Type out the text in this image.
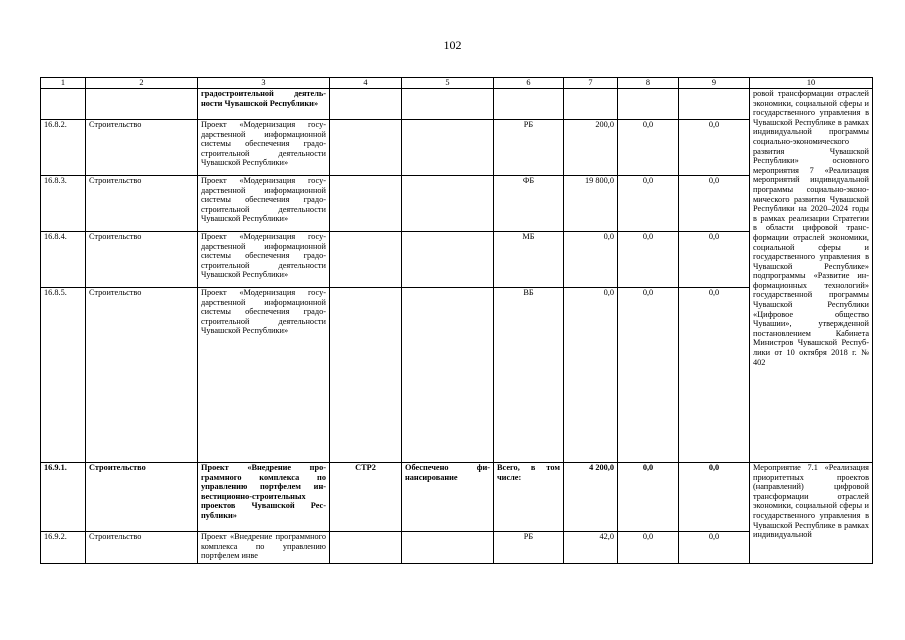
102
1	2	3	4	5	6	7	8	9	10
		градостроительной деятельности Чувашской Республики»							ровой трансформации отраслей экономики, социальной сферы и государственного управления в Чувашской Республике в рамках индивидуальной программы социально-экономического развития Чувашской Республики» основного мероприятия 7 «Реализация мероприятий индивидуальной программы социально-экономического развития Чувашской Республики на 2020–2024 годы в рамках реализации Стратегии в области цифровой трансформации отраслей экономики, социальной сферы и государственного управления в Чувашской Республике» подпрограммы «Развитие информационных технологий» государственной программы Чувашской Республики «Цифровое общество Чувашии», утвержденной постановлением Кабинета Министров Чувашской Республики от 10 октября 2018 г. № 402
16.8.2.	Строительство	Проект «Модернизация государственной информационной системы обеспечения градостроительной деятельности Чувашской Республики»			РБ	200,0	0,0	0,0	
16.8.3.	Строительство	Проект «Модернизация государственной информационной системы обеспечения градостроительной деятельности Чувашской Республики»			ФБ	19 800,0	0,0	0,0	
16.8.4.	Строительство	Проект «Модернизация государственной информационной системы обеспечения градостроительной деятельности Чувашской Республики»			МБ	0,0	0,0	0,0	
16.8.5.	Строительство	Проект «Модернизация государственной информационной системы обеспечения градостроительной деятельности Чувашской Республики»			ВБ	0,0	0,0	0,0	
16.9.1.	Строительство	Проект «Внедрение программного комплекса по управлению портфелем инвестиционно-строительных проектов Чувашской Республики»	СТР2	Обеспечено финансирование	Всего, в том числе:	4 200,0	0,0	0,0	Мероприятие 7.1 «Реализация приоритетных проектов (направлений) цифровой трансформации отраслей экономики, социальной сферы и государственного управления в Чувашской Республике в рамках индивидуальной
16.9.2.	Строительство	Проект «Внедрение программного комплекса по управлению портфелем инве			РБ	42,0	0,0	0,0	
